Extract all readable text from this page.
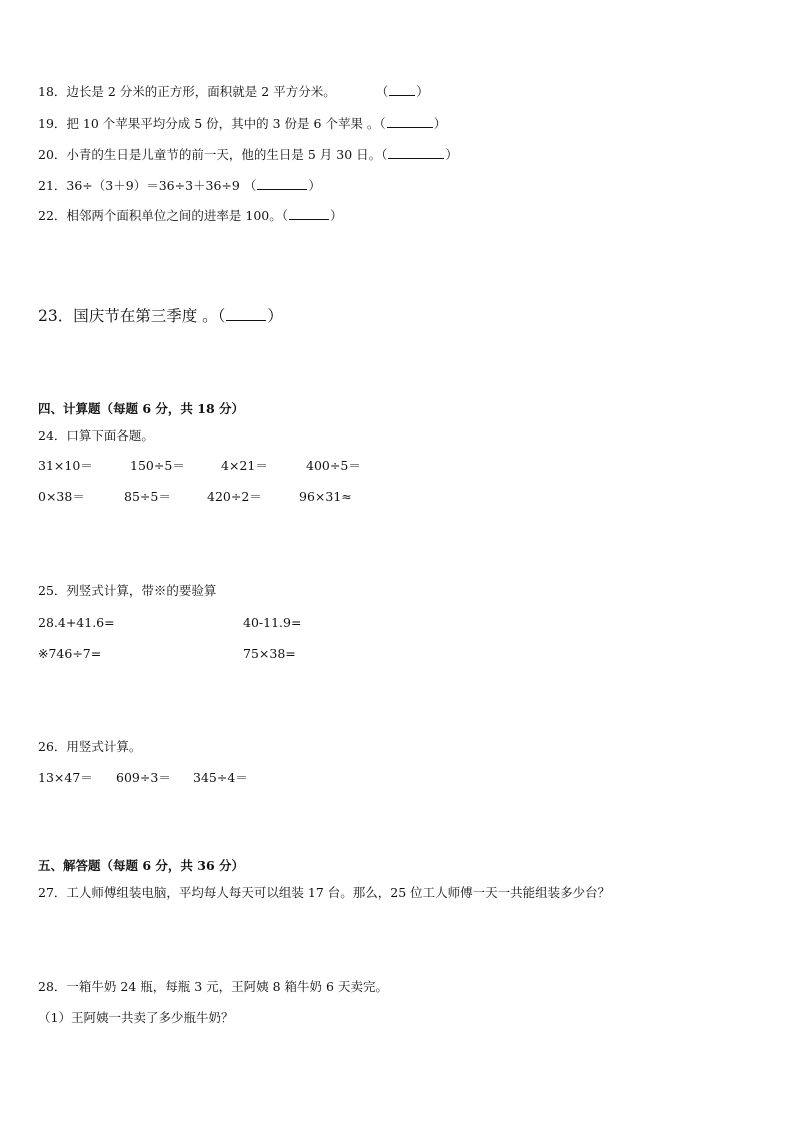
18．边长是 2 分米的正方形，面积就是 2 平方分米。	（ ）
19．把 10 个苹果平均分成 5 份，其中的 3 份是 6 个苹果 。（	）
20．小青的生日是儿童节的前一天，他的生日是 5 月 30 日。（	）
21．36÷（3＋9）＝36÷3＋36÷9 （	）
22．相邻两个面积单位之间的进率是 100。（	）
23．国庆节在第三季度 。（	）
四、计算题（每题 6 分，共 18 分）
24．口算下面各题。
31×10＝	150÷5＝	4×21＝	400÷5＝
0×38＝	85÷5＝	420÷2＝	96×31≈
25．列竖式计算，带※的要验算
28.4+41.6=	40-11.9=
※746÷7=	75×38=
26．用竖式计算。
13×47＝ 609÷3＝ 345÷4＝
五、解答题（每题 6 分，共 36 分）
27．工人师傅组装电脑，平均每人每天可以组装 17 台。那么，25 位工人师傅一天一共能组装多少台？
28．一箱牛奶 24 瓶，每瓶 3 元，王阿姨 8 箱牛奶 6 天卖完。
（1）王阿姨一共卖了多少瓶牛奶？
